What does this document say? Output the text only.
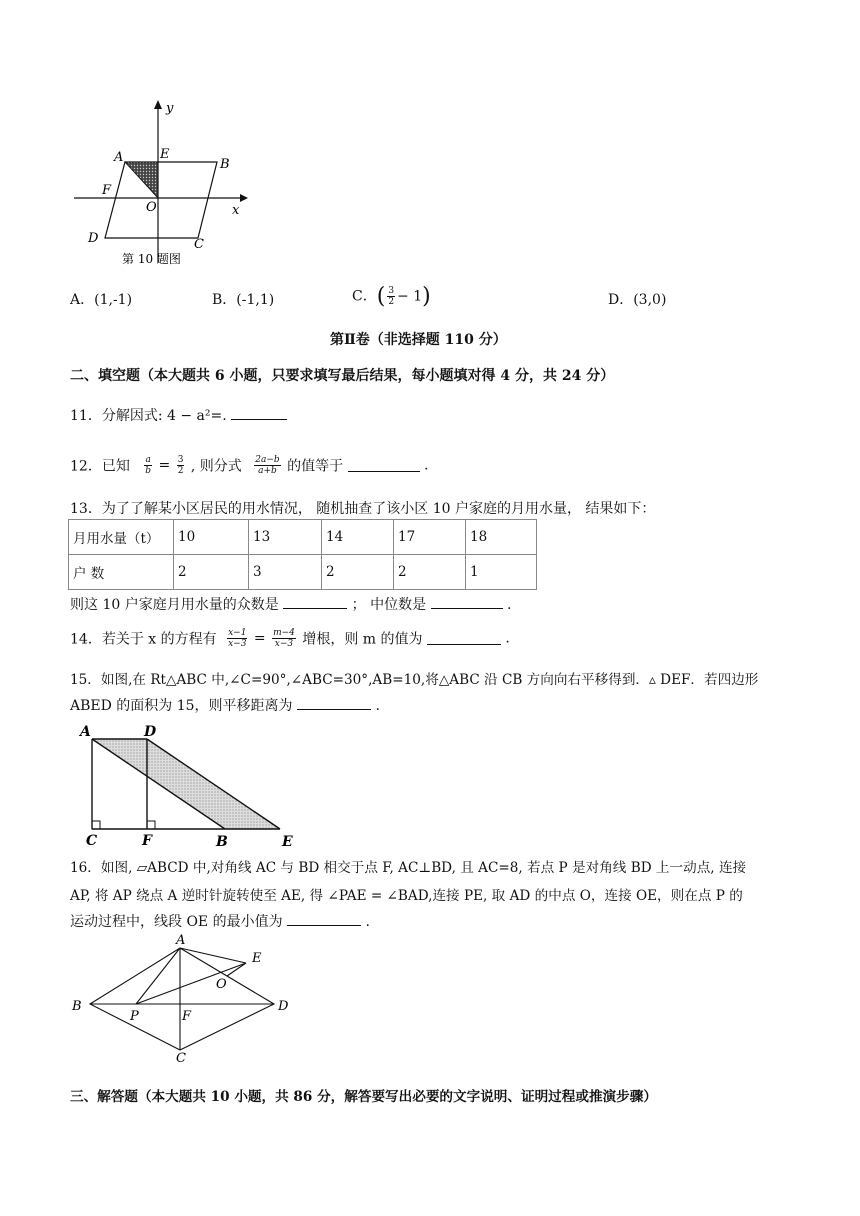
y
x
A	E
B
F
O
D	C
第 10 题图
A．(1,-1)	B．(-1,1)	C．( $\frac{3}{2} - 1$)	D．(3,0)
第Ⅱ卷（非选择题 110 分）
二、填空题（本大题共 6 小题，只要求填写最后结果，每小题填对得 4 分，共 24 分）
11．分解因式: 4 − a²=.
12．已知 $\frac{a}{b} = \frac{3}{2}$ , 则分式 $\frac{2a-b}{a+b}$ 的值等于	.
13．为了了解某小区居民的用水情况， 随机抽查了该小区 10 户家庭的月用水量， 结果如下：
月用水量（t）	10	13	14	17	18
户 数	2	3	2	2	1
则这 10 户家庭月用水量的众数是	； 中位数是	.
14．若关于 x 的方程有 $\frac{x-1}{x-3} = \frac{m-4}{x-3}$ 增根，则 m 的值为	.
15．如图,在 Rt△ABC 中,∠C=90°,∠ABC=30°,AB=10,将△ABC 沿 CB 方向向右平移得到．▵ DEF．若四边形
ABED 的面积为 15，则平移距离为	.
A	D
C	F	B	E
16．如图, ▱ABCD 中,对角线 AC 与 BD 相交于点 F, AC⊥BD, 且 AC=8, 若点 P 是对角线 BD 上一动点, 连接
AP, 将 AP 绕点 A 逆时针旋转使至 AE, 得 ∠PAE = ∠BAD,连接 PE, 取 AD 的中点 O，连接 OE，则在点 P 的
运动过程中，线段 OE 的最小值为	.
A
E
O
B
P	F
D
C
三、解答题（本大题共 10 小题，共 86 分，解答要写出必要的文字说明、证明过程或推演步骤）
